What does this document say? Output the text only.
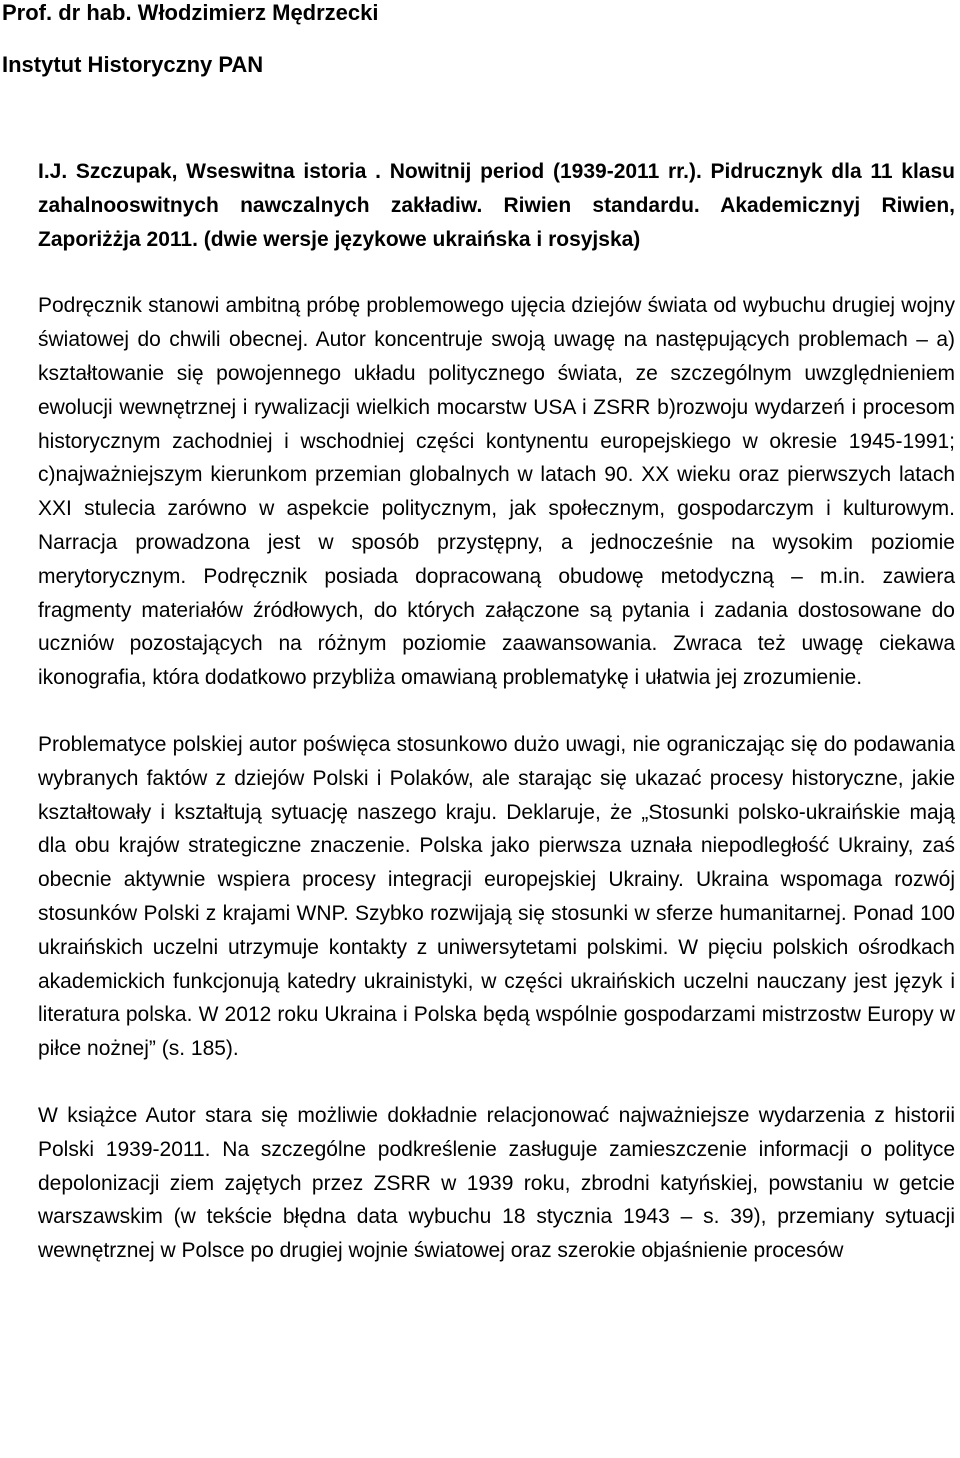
Prof. dr hab. Włodzimierz Mędrzecki
Instytut Historyczny PAN

I.J. Szczupak, Wseswitna istoria . Nowitnij period (1939-2011 rr.). Pidrucznyk dla 11 klasu zahalnooswitnych nawczalnych zakładiw. Riwien standardu. Akademicznyj Riwien, Zaporiżżja 2011. (dwie wersje językowe ukraińska i rosyjska)

Podręcznik stanowi ambitną próbę problemowego ujęcia dziejów świata od wybuchu drugiej wojny światowej do chwili obecnej. Autor koncentruje swoją uwagę na następujących problemach – a) kształtowanie się powojennego układu politycznego świata, ze szczególnym uwzględnieniem ewolucji wewnętrznej i rywalizacji wielkich mocarstw USA i ZSRR b)rozwoju wydarzeń i procesom historycznym zachodniej i wschodniej części kontynentu europejskiego w okresie 1945-1991; c)najważniejszym kierunkom przemian globalnych w latach 90. XX wieku oraz pierwszych latach XXI stulecia zarówno w aspekcie politycznym, jak społecznym, gospodarczym i kulturowym. Narracja prowadzona jest w sposób przystępny, a jednocześnie na wysokim poziomie merytorycznym. Podręcznik posiada dopracowaną obudowę metodyczną – m.in. zawiera fragmenty materiałów źródłowych, do których załączone są pytania i zadania dostosowane do uczniów pozostających na różnym poziomie zaawansowania. Zwraca też uwagę ciekawa ikonografia, która dodatkowo przybliża omawianą problematykę i ułatwia jej zrozumienie.

Problematyce polskiej autor poświęca stosunkowo dużo uwagi, nie ograniczając się do podawania wybranych faktów z dziejów Polski i Polaków, ale starając się ukazać procesy historyczne, jakie kształtowały i kształtują sytuację naszego kraju. Deklaruje, że „Stosunki polsko-ukraińskie mają dla obu krajów strategiczne znaczenie. Polska jako pierwsza uznała niepodległość Ukrainy, zaś obecnie aktywnie wspiera procesy integracji europejskiej Ukrainy. Ukraina wspomaga rozwój stosunków Polski z krajami WNP. Szybko rozwijają się stosunki w sferze humanitarnej. Ponad 100 ukraińskich uczelni utrzymuje kontakty z uniwersytetami polskimi. W pięciu polskich ośrodkach akademickich funkcjonują katedry ukrainistyki, w części ukraińskich uczelni nauczany jest język i literatura polska. W 2012 roku Ukraina i Polska będą wspólnie gospodarzami mistrzostw Europy w piłce nożnej” (s. 185).

W książce Autor stara się możliwie dokładnie relacjonować najważniejsze wydarzenia z historii Polski 1939-2011. Na szczególne podkreślenie zasługuje zamieszczenie informacji o polityce depolonizacji ziem zajętych przez ZSRR w 1939 roku, zbrodni katyńskiej, powstaniu w getcie warszawskim (w tekście błędna data wybuchu 18 stycznia 1943 – s. 39), przemiany sytuacji wewnętrznej w Polsce po drugiej wojnie światowej oraz szerokie objaśnienie procesów
